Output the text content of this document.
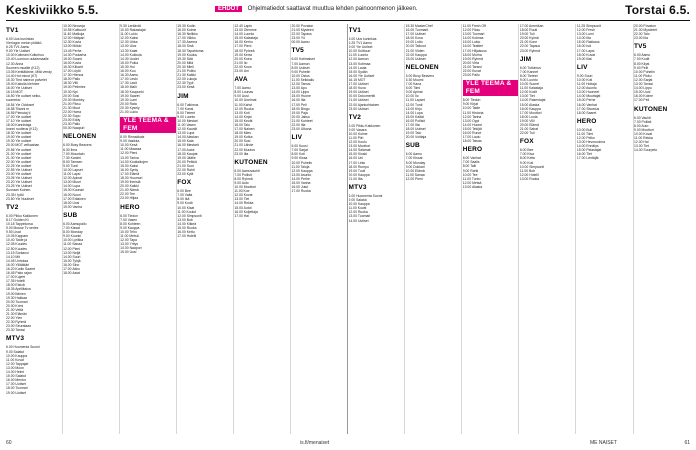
Keskiviikko 5.5.	EHDOT Ohjelmatiedot saattavat muuttua lehden painoonmenon jälkeen.	Torstai 6.5.
TV1
6.00 Uus kuninkas
Vierlugon melon pidäkö.
6.25 TV1 Aamu
9.00 Yle Uutiset
10.00 Kotimain Kulturhus
10.40 Luonnon uutaismaalle
12.30 Anna
Suomen mualile (K12)
13.05 Kenttälänne, Mitä vendy
14.40 Hot minut (K7)
15.30 Tied naireon palvelet
15.40 Kakolla kiehnee
16.00 Yle Uutiset
16.15 MOT
16.50 Yle uutiset selko-
suomeksi
16.54 Yle Oddoset
16.58 Tilanni rn
16.55 Pienutaj ti
17.00 Yle uutiset
17.10 Yle uutiset
18.00 Kannistaja
Ivonni ruutteus (K12)
18.30 Yle uutiset
19.00 Yle uutiset
19.30 Yle uutiset
20.00 MOT velkaahan
20.56 Yle uutiset
21.00 Yle uutiset
21.30 Yle uutiset
22.00 Yle uutiset
22.25 Yle uutiset
22.55 Yle Uutiset
23.00 Yle uutiset
23.05 Yle Uutiset
23.20 Yle Uutiset
23.25 Yle Uutiset
Suoraan Kuinen.
23.35 I tyttö
23.50 Yle Nuutiset
TV2
6.00 Pikku Kakkonen
8.17 Golden Kt
10.18 Tappelunsa
9.00 Mouse Tv series
9.50 Lisat
10.05 Kappam
10.40 Taide ja
12.05 Kuudes
12.50 Kuudes
13.15 Sorkanoi
14.10 Mit
14.45 Unholaa
16.00 Ylilääkäri
16.20 Kodin Saaret
16.45 Pako rajan
17.00 Kujeet
17.35 Hotelli
18.00 Etsivä
18.35 Aprillitaiva
19.00 Itäinen
19.30 Hakkaa
20.00 Tuomari
20.30 Krimi
21.00 Vettä
21.30 Elämän
22.00 Ylen
22.30 Ryhmä
23.00 Seurataan
23.30 Tanssi
MTV3
6.00 Huomenta Suomi
9.00 Salatut
10.00 Kauppa
11.00 Kovat
12.00 Tappajat
13.00 Moon
14.00 Helmi
15.00 Salatut
16.00 Mentor
17.00 Uutiset
18.00 Tuomari
19.00 Uutiset
10.00 Neuvoja
10.55 Kulttuurit
11.40 Matkoja
12.00 Hääpari
12.30 Kuvia
13.00 Mökki
13.45 Perhe
14.30 Puutarha
15.00 Suomi
16.00 Kuvia
16.30 Kiikarit
17.00 Löytö
17.30 Hienoa
18.00 Pallo
18.30 Villi
19.00 Pelimies
19.30 Nyt
20.00 Sosi
20.30 Monkey
21.00 Fiksu
21.30 Muut
22.00 Harra
22.30 Sopu
23.00 Eddy
23.30 Pallo
00.00 Naapuri
NELONEN
6.00 Busy Beavers
6.30 Ilma
7.00 Mountain
7.30 Kanimi
8.00 Tamsen
9.00 Tunti
10.00 Lapset
11.00 Lapsi
12.00 Apinat
13.00 Muuri
14.00 Lupa
15.00 Kuunari
16.00 Nuori
17.00 Erilainen
18.00 Uusi
19.00 Vanha
SUB
6.00 Aamupallo
7.00 Kissat
8.00 Monday
9.00 Kuunki
10.00 Lyrikka
11.00 Sanaa
12.00 Pieni
13.00 Neljä
14.00 Suuri
15.00 Tyhjä
16.00 Sino
17.00 Akku
18.00 Asiat
9.30 Lentävät
10.00 Rakastajat
11.00 Lukio
12.00 Kaksi
12.30 Uhka
13.00 Ulos
13.30 Kalat
14.00 Kukkula
14.30 Uudet
15.00 Poika
15.30 Hui
16.00 Kuu
16.30 Aamu
17.00 Leski
17.30 Lasit
18.00 Malli
18.30 Kaupunki
19.00 Saaret
19.30 Lumi
20.00 Rata
20.30 Kysely
21.00 Lukio
YLE TEEMA & FEM
8.00 Rinnakkais
9.00 Vasikka
10.00 Kesä
11.00 Maassa
12.00 Pieni
13.00 Tarina
14.00 Kouliaikojen
15.00 Kaksi
16.00 Synty
17.00 Elämä
18.00 Huumori
19.00 Ihmisiä
20.00 Kaikki
21.00 Nämä
22.00 Tee
23.00 Hiljaa
HERO
6.00 Tiedon
7.00 Vasen
8.00 Kohteen
9.00 Kauppa
10.00 Teho
11.00 Metsä
12.00 Tapa
13.00 Yritys
14.00 Naapuri
15.00 Uusi
15.30 Kodin
16.00 Kolme
16.30 Nelikko
17.00 Viikko
17.30 Asema
18.00 Sinä
18.30 Tapahtuma
19.00 Kuuluu
19.30 Sää
20.00 Mitä
20.30 Mieli
21.00 Poliisi
21.30 Kaikki
22.00 Lukuja
22.30 Tyyli
23.00 Kesä
JIM
6.00 Tutkimus
7.00 Kansi
8.00 Tieteet
9.00 Luonto
10.00 Mestari
11.00 Vasen
12.00 Kauniit
13.00 Lupa
14.00 Alaskan
15.00 Kala
16.00 Mestarit
17.00 Autot
18.00 Kaupat
19.00 Jäätie
20.00 Pelkkä
21.00 Suot
22.00 Rahti
23.00 Kylä
FOX
6.00 Bee
7.00 Valta
8.00 Ikä
9.00 Kodit
10.00 Kisat
11.00 Koulut
12.00 Simpsonit
13.00 Bob
14.00 Kitkeä
15.00 Ruoka
16.00 Kettu
17.00 Hotelli
12.40 Lapin
13.00 Olemme
14.00 Luonto
15.00 Kalastaja
16.00 Kerho
17.00 Pieni
18.00 Pyöreä
19.00 Kerta
20.00 Koira
21.00 Ilo
22.00 Kuva
23.00 Uni
AVA
7.00 Aamu
8.00 Lounas
9.00 Uusi
10.00 Unelmat
11.00 Kahvi
12.00 Ruoka
13.00 Koti
14.00 Kirjat
15.00 Kevät
16.00 Talo
17.00 Nainen
18.00 Mies
19.00 Kotka
20.00 Susi
21.00 Lähde
22.00 Muutos
23.00 Ilta
KUTONEN
6.00 Aamuvauhti
7.00 Poliisit
8.00 Ryhmä
9.00 Auto
10.00 Moottori
11.00 Koe
12.00 Kovat
13.00 Tiet
14.00 Rekka
15.00 Autot
16.00 Kuljettaja
17.00 Hai
20.00 Povaton
21.00 Mysteeri
22.00 Tapaus
23.00 Yö
00.00 Aamu
TV5
6.00 Kotimaiset
7.00 Aamun
8.00 Uutiset
9.00 Puhelin
10.00 Ostos
11.00 Seikkailu
12.00 Tanssi
13.00 Apu
14.00 Lippu
15.00 Huone
16.00 Ilta
17.00 Peli
18.00 Bingo
19.00 Paja
20.00 Jakso
21.00 Kohteet
22.00 Ilta
23.00 Ulkona
LIV
6.00 Kuusi
7.00 Sarjat
8.00 Koti
9.00 Kissa
10.00 Puhelin
11.00 Taloja
12.00 Kauppa
13.00 Asunto
14.00 Perhe
15.00 Vanha
16.00 Jutut
17.00 Ruoka
TV1
6.00 Uus kuninkas
6.25 TV1 Aamu
9.00 Yle Uutiset
10.00 Kulttuuri
11.00 Luonto
12.00 Aamun
13.00 Kotimaa
14.00 Lauta
15.00 Sydän
16.00 Yle Uutiset
16.15 MOT
17.00 Uutiset
18.00 Kuva
19.00 Uutiset
20.00 Dokumentti
21.00 Uutiset
22.00 Ajankohtainen
23.00 Uutiset
TV2
6.00 Pikku Kakkonen
9.00 Vasara
10.00 Kolme
11.00 Piiri
12.00 Koulu
13.00 Moottori
14.00 Salamat
15.00 Kioski
16.00 Uni
17.00 Lintu
18.00 Rumpu
19.00 Tuuli
20.00 Kauppa
21.00 Ilta
MTV3
6.00 Huomenta Suomi
9.00 Salatut
10.00 Kauppa
11.00 Kovat
12.00 Ruoka
13.00 Tuomari
14.00 Uutiset
15.30 MasterChef
16.00 Tuomarit
17.00 Uutiset
18.00 Kova
19.00 Lotto
20.00 Talkoot
21.00 Viiden
22.00 Kauppa
23.00 Uutiset
NELONEN
6.00 Busy Beavers
6.30 Muumi
7.00 Kana
8.00 Tiimi
9.00 Apinat
10.00 Ilo
11.00 Lapset
12.00 Tunti
13.00 Kirjo
14.00 Lupa
15.00 Kaikki
16.00 Poliisit
17.00 Ilta
18.00 Uutiset
19.00 Talo
20.00 Voittaja
SUB
6.00 Aamu
7.00 Kissat
8.00 Monday
9.00 Dokkari
10.00 Elämä
11.00 Sanaa
12.00 Pieni
11.00 Fresh Off
12.00 Fiksu
13.00 Tuomari
14.00 Kolmas
15.00 Lukio
16.00 Teatteri
17.00 Hiljaisuus
18.00 Murha
19.00 Ryhmä
20.00 Virta
21.00 Tanssi
22.00 Kuvat
23.00 Pallo
YLE TEEMA & FEM
8.00 Tiedon
9.00 Kirjat
10.00 Taide
11.00 Historia
12.00 Tarina
13.00 Oppi
14.00 Huone
15.00 Tekijät
16.00 Runot
17.00 Laulu
18.00 Taivas
HERO
6.00 Vanhat
7.00 Saalis
8.00 Talli
9.00 Rahti
10.00 Tee
11.00 Turbo
12.00 Metsä
13.00 Alaska
17.00 Amerikan
18.00 Ruuti
19.00 Tuli
20.00 Kylmä
21.00 Kone
22.00 Tapaus
23.00 Ryhmä
JIM
6.00 Tutkimus
7.00 Kannet
8.00 Tieteet
9.00 Luonto
10.00 Suuret
11.00 Kalastaja
12.00 Kodit
13.00 Tiet
14.00 Rakentajat
15.00 Alaska
16.00 Kauppa
17.00 Moottori
18.00 Luola
19.00 Villi
20.00 Elämä
21.00 Sahat
22.00 Tuli
FOX
6.00 Bee
7.00 Kisa
8.00 Kettu
9.00 Koti
10.00 Simpsonit
11.00 Bob
12.00 Hotelli
13.00 Ruoka
11.25 Simpsonit
12.00 Fresh
13.00 Lumi
14.00 Ilta
15.00 Rakkaus
16.00 Isä
17.00 Lapsi
18.00 Kuvat
19.00 Illat
LIV
9.00 Suuri
10.00 Koti
11.00 Hoitaja
12.00 Asunto
13.00 Huoneet
14.00 Muuttajat
15.00 Perhe
16.00 Vanhat
17.00 Sisustus
18.00 Saaret
HERO
10.00 Bull
11.00 Tiimi
12.00 Pelko
13.00 Hevosvoima
14.00 Ennätys
15.00 Pelastajat
16.00 Tiet
17.00 Lentäjät
20.00 Povaton
21.00 Mysteerit
22.00 Talo
23.00 Ilta
TV5
6.00 Aamu
7.00 Kodit
8.00 Kirjat
9.00 Pelit
10.00 Puhelin
11.00 Pikku
12.00 Sarjat
13.00 Tanssi
14.00 Lippu
15.00 Uuni
16.00 Kolme
17.00 Peli
KUTONEN
6.00 Vauhti
7.00 Poliisit
8.00 Auto
9.00 Moottori
10.00 Kovat
11.00 Rekka
12.00 Hai
13.00 Tiet
14.00 Suurpeto
60	is.fi/menaiset	ME NAISET	61
